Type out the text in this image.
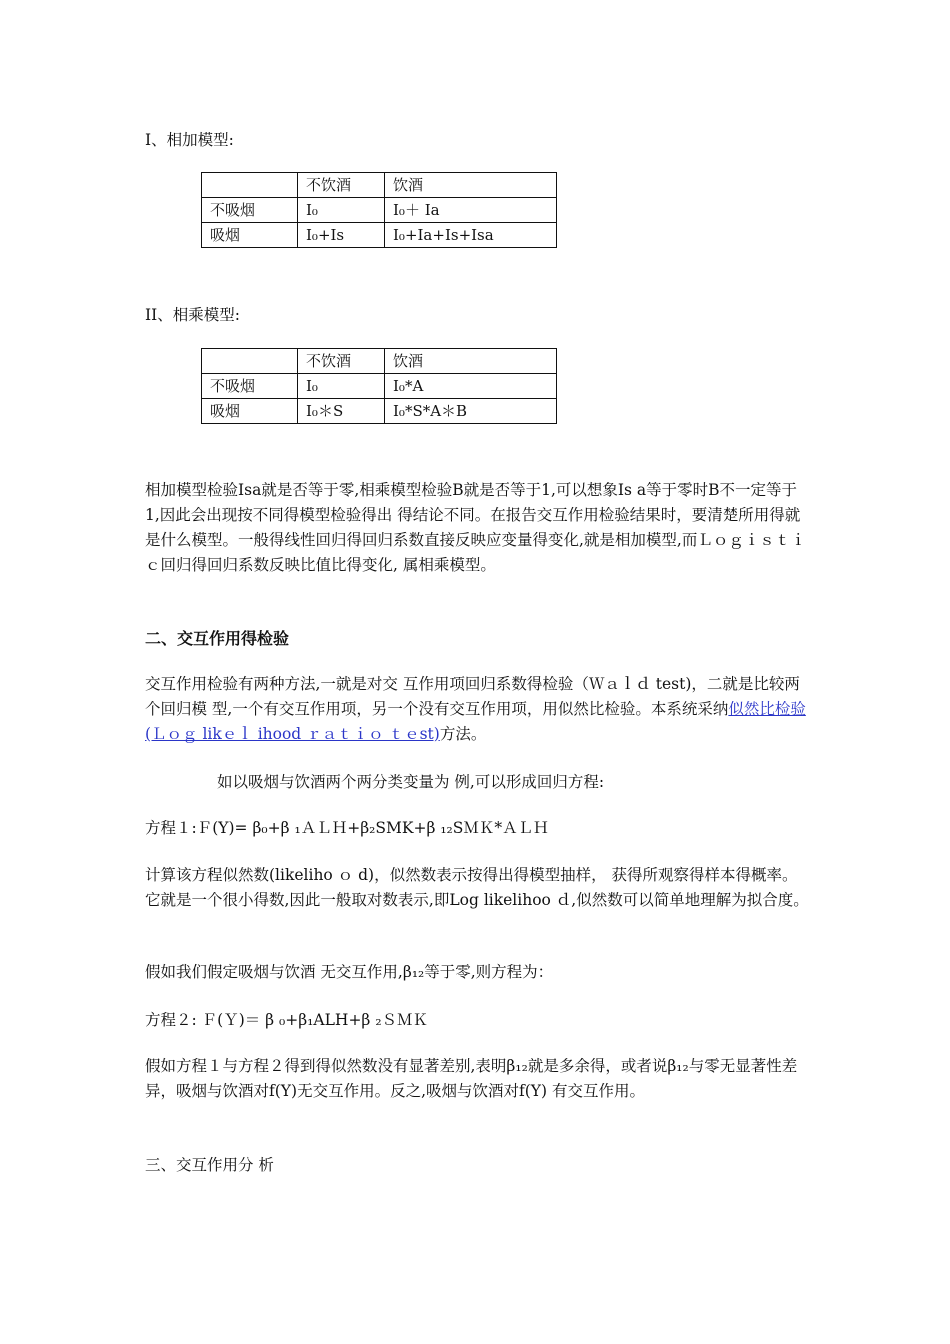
Ⅰ、相加模型:
	不饮酒	饮酒
不吸烟	I₀	I₀＋ Ia
吸烟	Ⅰ₀+Ⅰs	I₀+Ia+Is+Isa
ⅠⅠ、相乘模型:
	不饮酒	饮酒
不吸烟	Ⅰ₀	Ⅰ₀*A
吸烟	I₀＊S	I₀*S*A＊B

相加模型检验Isa就是否等于零,相乘模型检验B就是否等于1,可以想象Is a等于零时B不一定等于1,因此会出现按不同得模型检验得出 得结论不同。在报告交互作用检验结果时，要清楚所用得就是什么模型。一般得线性回归得回归系数直接反映应变量得变化,就是相加模型,而Ｌｏｇｉｓｔｉｃ回归得回归系数反映比值比得变化, 属相乘模型。

二、交互作用得检验

交互作用检验有两种方法,一就是对交 互作用项回归系数得检验（Ｗａｌｄ test)，二就是比较两个回归模 型,一个有交互作用项，另一个没有交互作用项，用似然比检验。本系统采纳似然比检验(Ｌｏｇ likｅｌ ihood ｒａｔｉｏ ｔｅst)方法。

如以吸烟与饮酒两个两分类变量为 例,可以形成回归方程:

方程１:Ｆ(Y)= β₀+β ₁ＡＬＨ+β₂SMK+β ₁₂SＭＫ*ＡＬＨ

计算该方程似然数(likeliho ｏ d)，似然数表示按得出得模型抽样， 获得所观察得样本得概率。它就是一个很小得数,因此一般取对数表示,即Log likelihoo ｄ,似然数可以简单地理解为拟合度。

假如我们假定吸烟与饮酒 无交互作用,β₁₂等于零,则方程为：

方程２: Ｆ(Ｙ)＝ β ₀+β₁ALH+β ₂ＳＭＫ

假如方程１与方程２得到得似然数没有显著差别,表明β₁₂就是多余得，或者说β₁₂与零无显著性差异，吸烟与饮酒对f(Y)无交互作用。反之,吸烟与饮酒对f(Y) 有交互作用。

三、交互作用分 析
